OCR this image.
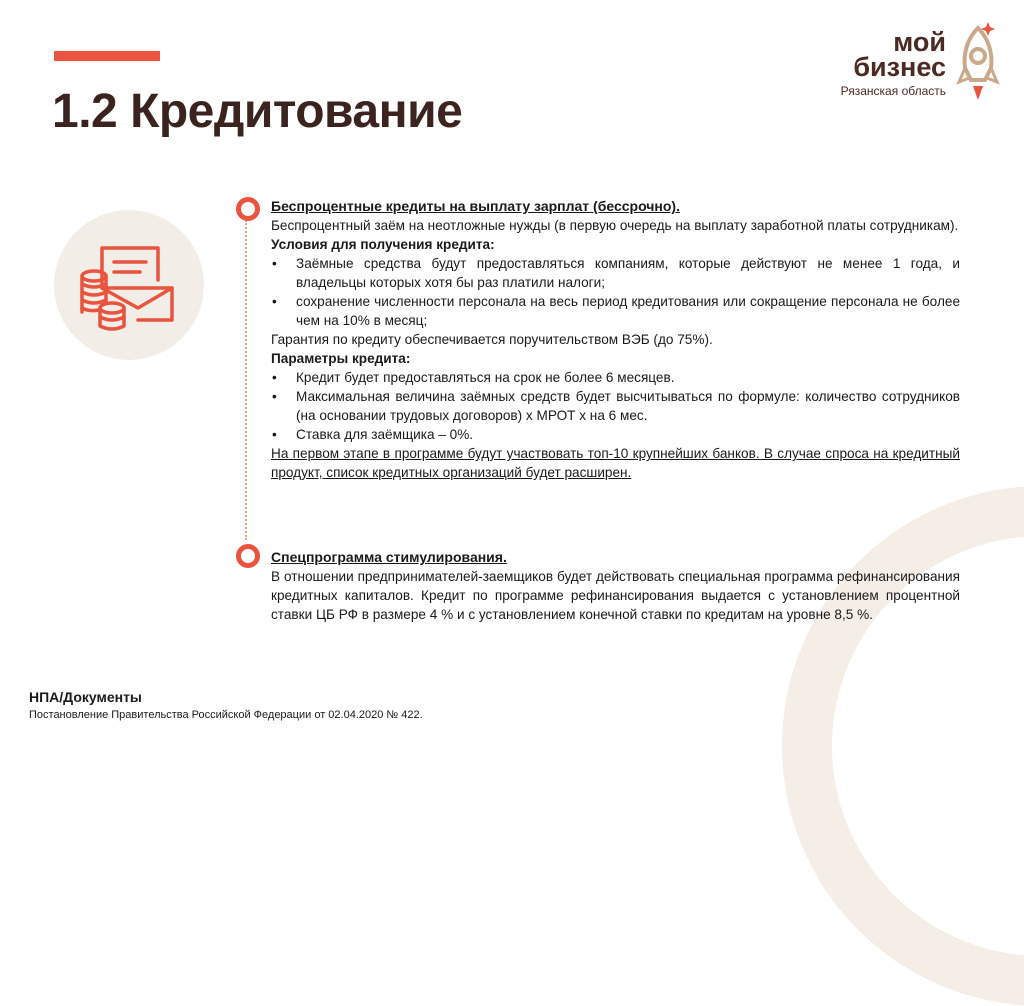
1.2 Кредитование
мой
бизнес
Рязанская область

Беспроцентные кредиты на выплату зарплат (бессрочно).

Беспроцентный заём на неотложные нужды (в первую очередь на выплату заработной платы сотрудникам).

Условия для получения кредита:

• Заёмные средства будут предоставляться компаниям, которые действуют не менее 1 года, и владельцы которых хотя бы раз платили налоги;

• сохранение численности персонала на весь период кредитования или сокращение персонала не более чем на 10% в месяц;

Гарантия по кредиту обеспечивается поручительством ВЭБ (до 75%).

Параметры кредита:

• Кредит будет предоставляться на срок не более 6 месяцев.

• Максимальная величина заёмных средств будет высчитываться по формуле: количество сотрудников (на основании трудовых договоров) х МРОТ х на 6 мес.

• Ставка для заёмщика – 0%.

На первом этапе в программе будут участвовать топ-10 крупнейших банков. В случае спроса на кредитный продукт, список кредитных организаций будет расширен.

Спецпрограмма стимулирования.

В отношении предпринимателей-заемщиков будет действовать специальная программа рефинансирования кредитных капиталов. Кредит по программе рефинансирования выдается с установлением процентной ставки ЦБ РФ в размере 4 % и с установлением конечной ставки по кредитам на уровне 8,5 %.

НПА/Документы

Постановление Правительства Российской Федерации от 02.04.2020 № 422.
